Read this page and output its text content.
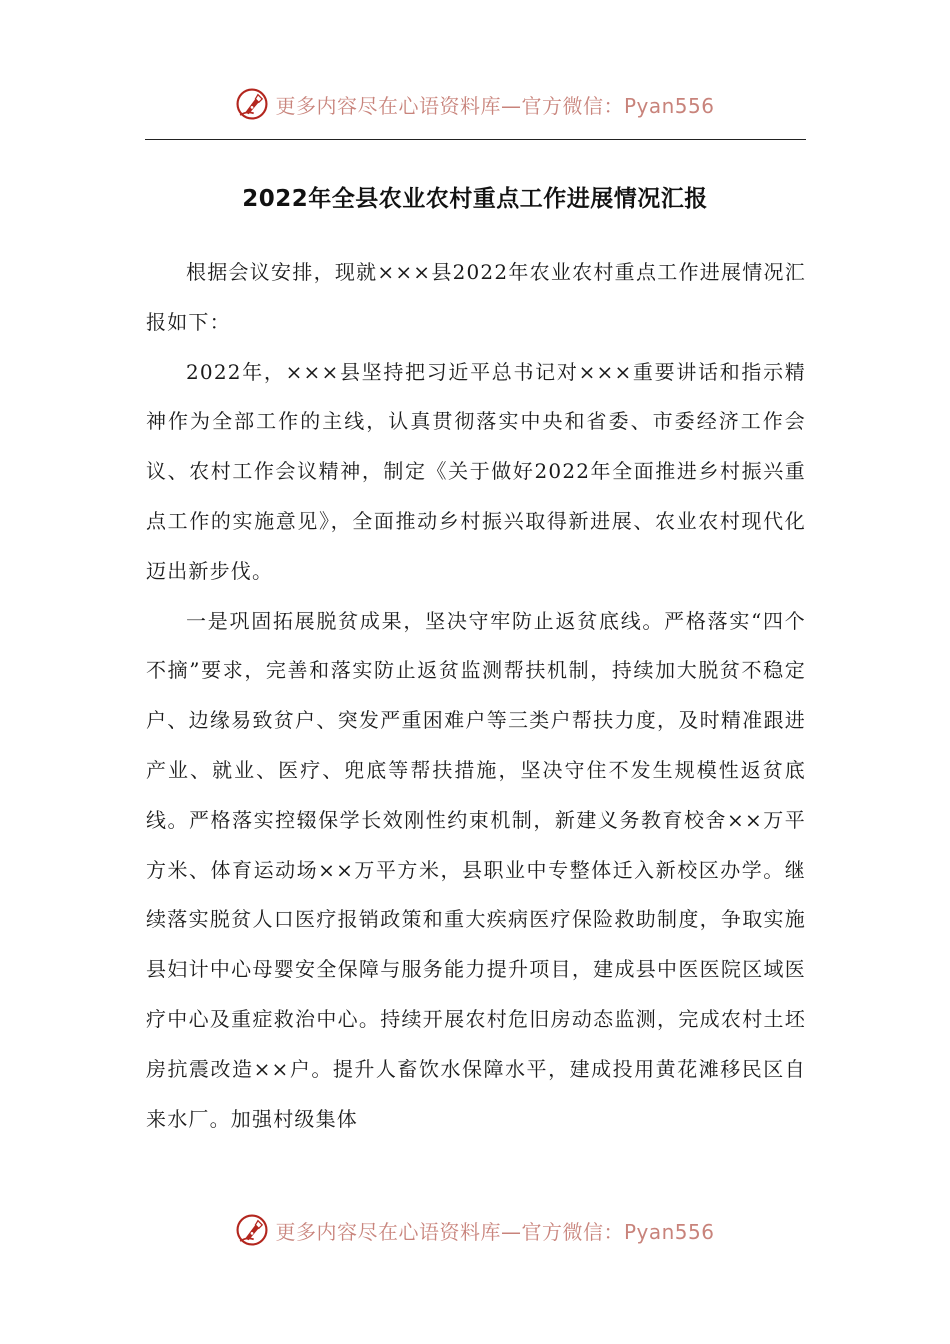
更多内容尽在心语资料库—官方微信：Pyan556
2022年全县农业农村重点工作进展情况汇报

根据会议安排，现就×××县2022年农业农村重点工作进展情况汇报如下：

2022年，×××县坚持把习近平总书记对×××重要讲话和指示精神作为全部工作的主线，认真贯彻落实中央和省委、市委经济工作会议、农村工作会议精神，制定《关于做好2022年全面推进乡村振兴重点工作的实施意见》，全面推动乡村振兴取得新进展、农业农村现代化迈出新步伐。

一是巩固拓展脱贫成果，坚决守牢防止返贫底线。严格落实“四个不摘”要求，完善和落实防止返贫监测帮扶机制，持续加大脱贫不稳定户、边缘易致贫户、突发严重困难户等三类户帮扶力度，及时精准跟进产业、就业、医疗、兜底等帮扶措施，坚决守住不发生规模性返贫底线。严格落实控辍保学长效刚性约束机制，新建义务教育校舍××万平方米、体育运动场××万平方米，县职业中专整体迁入新校区办学。继续落实脱贫人口医疗报销政策和重大疾病医疗保险救助制度，争取实施县妇计中心母婴安全保障与服务能力提升项目，建成县中医医院区域医疗中心及重症救治中心。持续开展农村危旧房动态监测，完成农村土坯房抗震改造××户。提升人畜饮水保障水平，建成投用黄花滩移民区自来水厂。加强村级集体

更多内容尽在心语资料库—官方微信：Pyan556
